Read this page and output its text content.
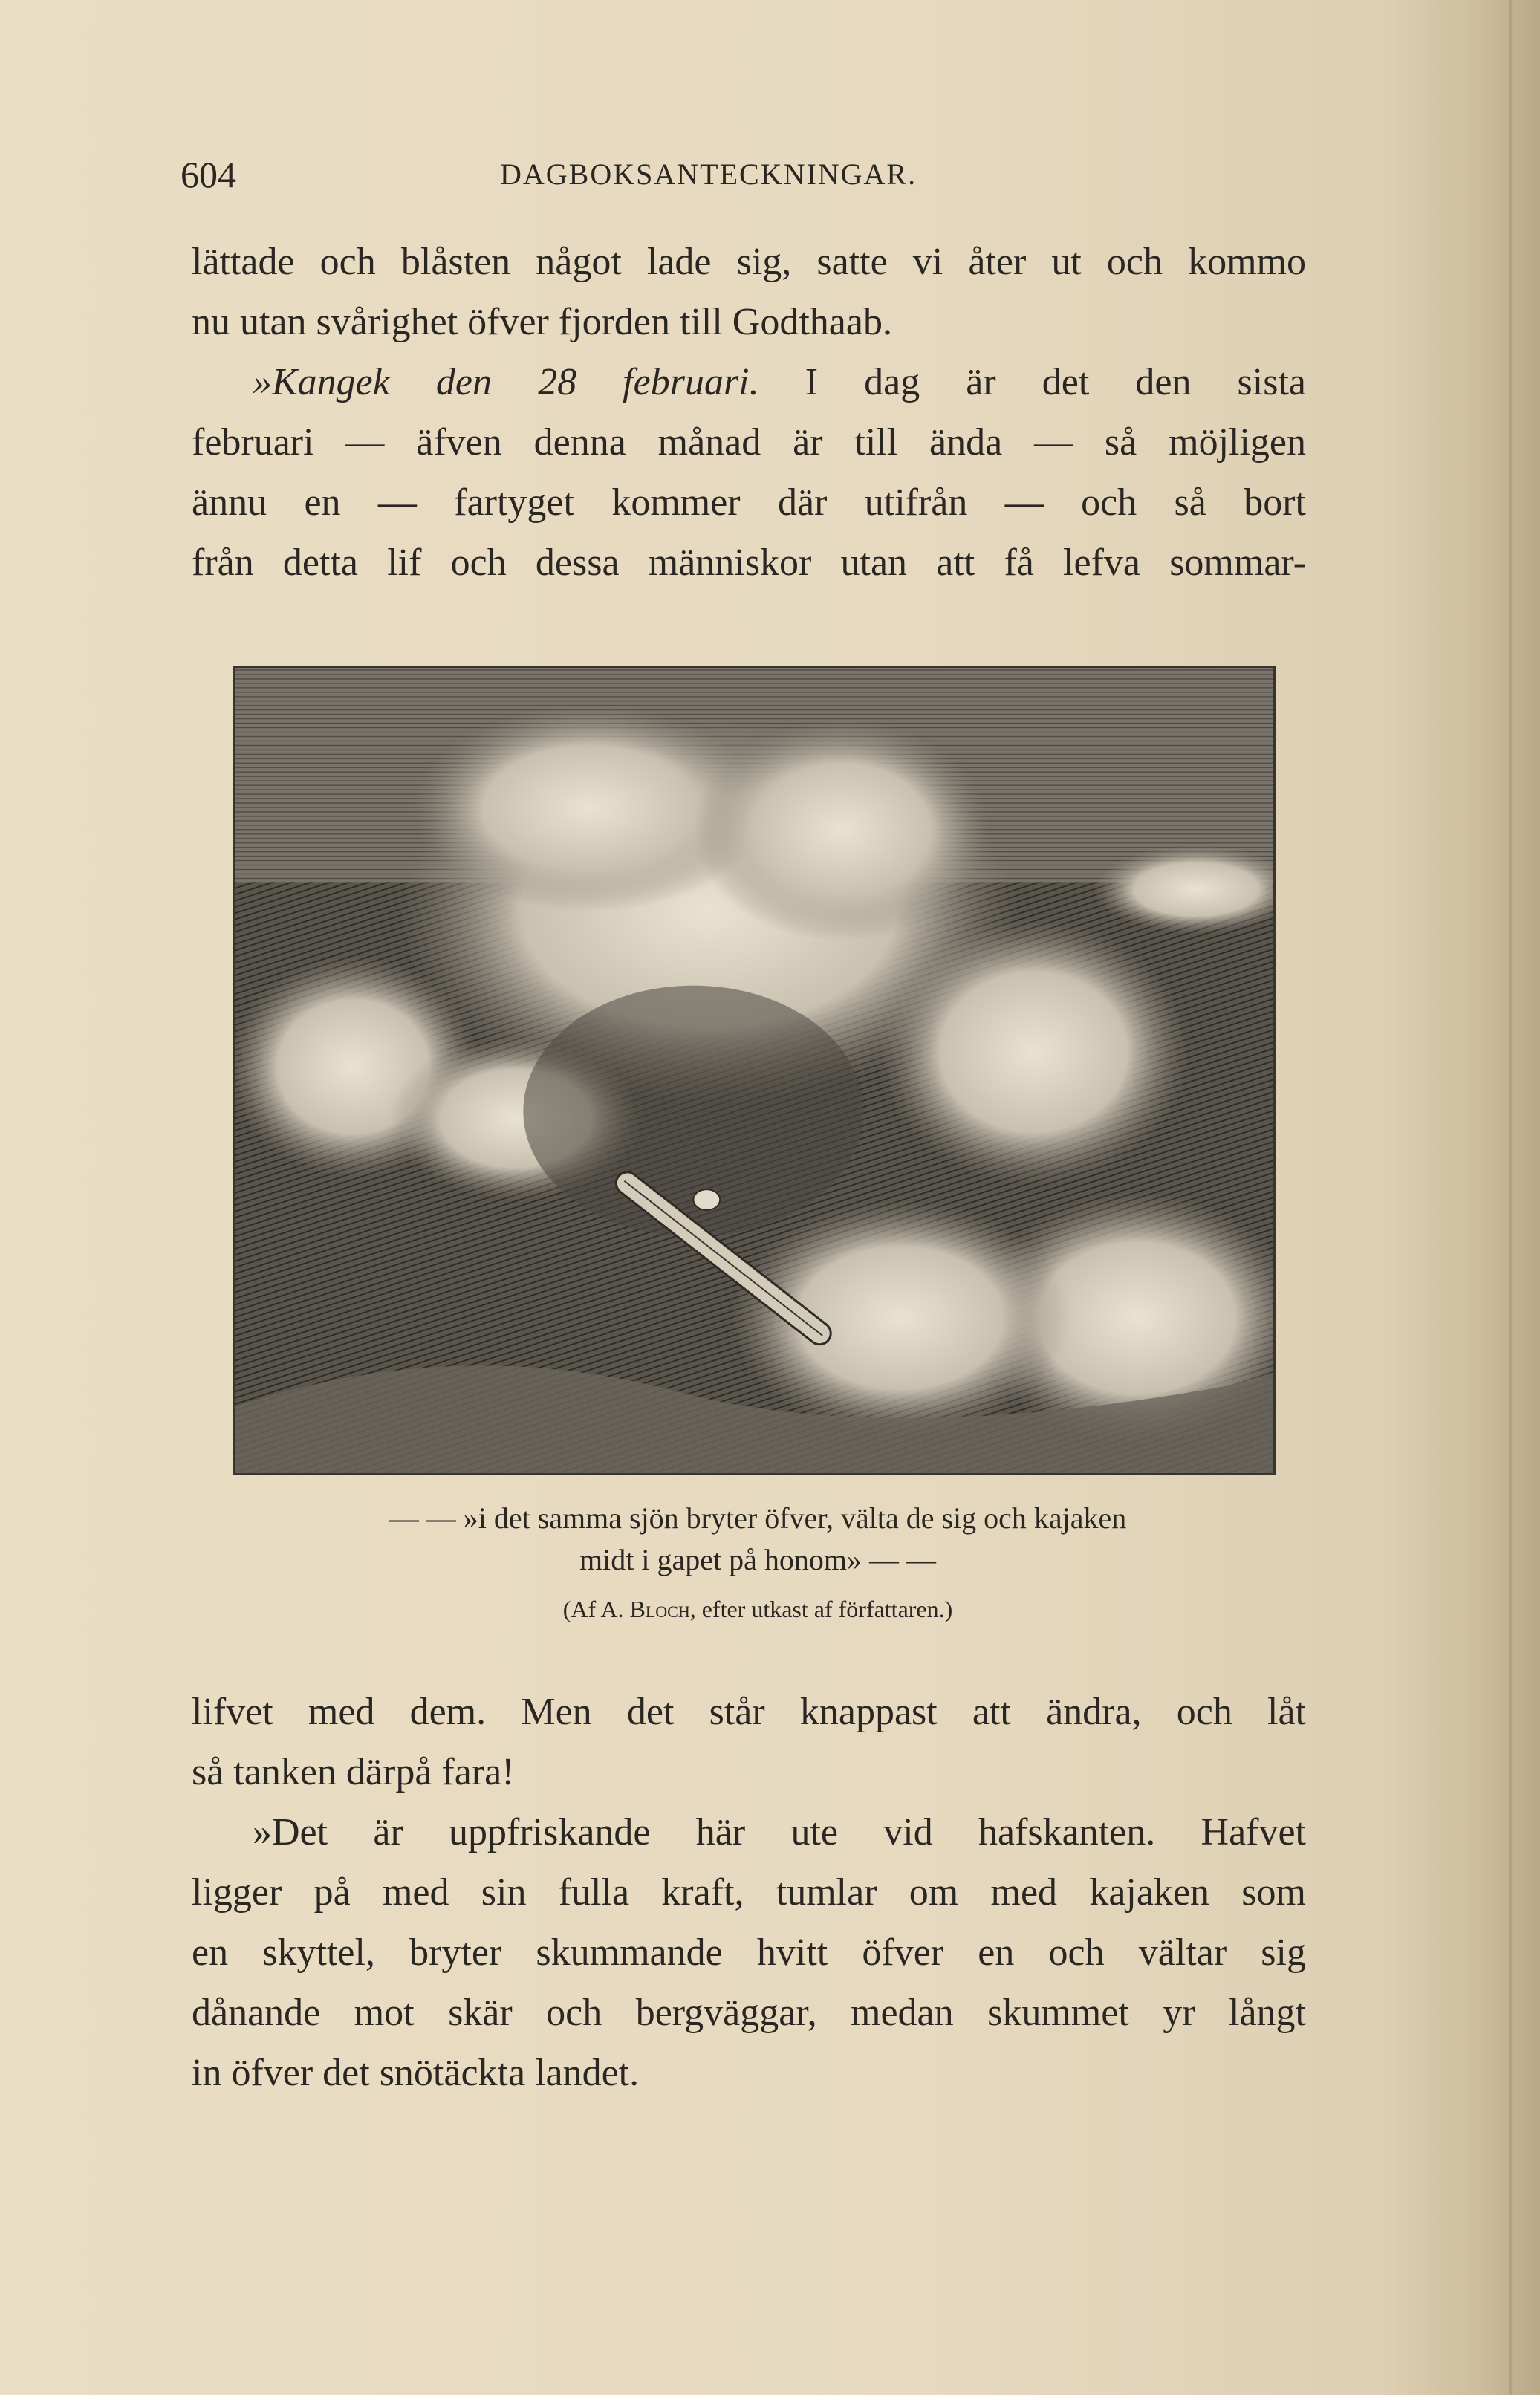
604	DAGBOKSANTECKNINGAR.
lättade och blåsten något lade sig, satte vi åter ut och kommo
nu utan svårighet öfver fjorden till Godthaab.
»Kangek den 28 februari. I dag är det den sista
februari — äfven denna månad är till ända — så möjligen
ännu en — fartyget kommer där utifrån — och så bort
från detta lif och dessa människor utan att få lefva sommar-
— — »i det samma sjön bryter öfver, välta de sig och kajaken
midt i gapet på honom» — —
(Af A. Bloch, efter utkast af författaren.)
lifvet med dem. Men det står knappast att ändra, och låt
så tanken därpå fara!
»Det är uppfriskande här ute vid hafskanten. Hafvet
ligger på med sin fulla kraft, tumlar om med kajaken som
en skyttel, bryter skummande hvitt öfver en och vältar sig
dånande mot skär och bergväggar, medan skummet yr långt
in öfver det snötäckta landet.
